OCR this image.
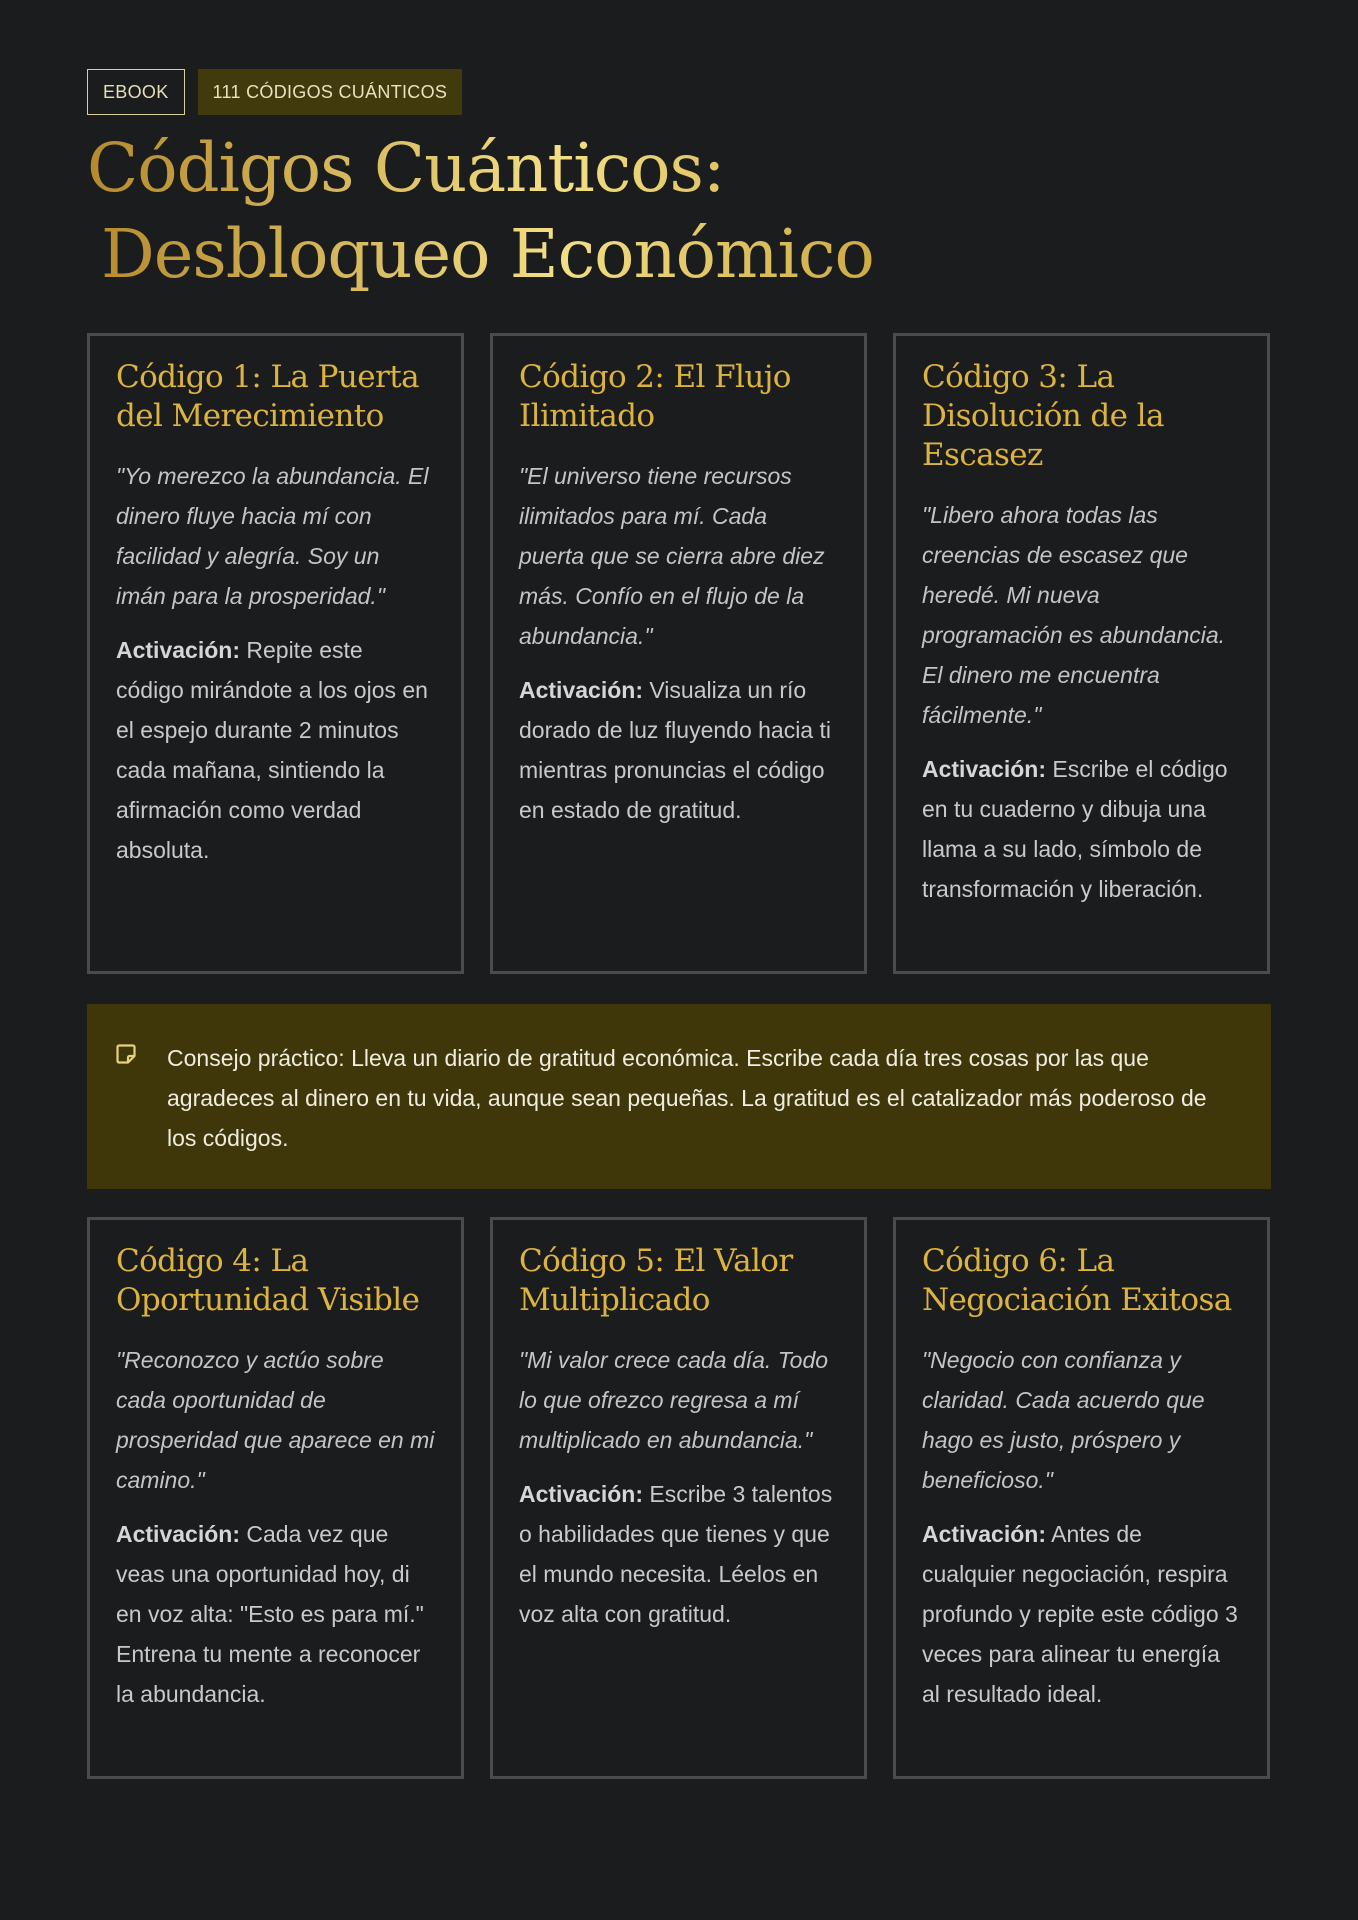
EBOOK	111 CÓDIGOS CUÁNTICOS
Códigos Cuánticos:
Desbloqueo Económico
Código 1: La Puerta del Merecimiento

"Yo merezco la abundancia. El dinero fluye hacia mí con facilidad y alegría. Soy un imán para la prosperidad."

Activación: Repite este código mirándote a los ojos en el espejo durante 2 minutos cada mañana, sintiendo la afirmación como verdad absoluta.

Código 2: El Flujo Ilimitado

"El universo tiene recursos ilimitados para mí. Cada puerta que se cierra abre diez más. Confío en el flujo de la abundancia."

Activación: Visualiza un río dorado de luz fluyendo hacia ti mientras pronuncias el código en estado de gratitud.

Código 3: La Disolución de la Escasez

"Libero ahora todas las creencias de escasez que heredé. Mi nueva programación es abundancia. El dinero me encuentra fácilmente."

Activación: Escribe el código en tu cuaderno y dibuja una llama a su lado, símbolo de transformación y liberación.

Consejo práctico: Lleva un diario de gratitud económica. Escribe cada día tres cosas por las que agradeces al dinero en tu vida, aunque sean pequeñas. La gratitud es el catalizador más poderoso de los códigos.
Código 4: La Oportunidad Visible

"Reconozco y actúo sobre cada oportunidad de prosperidad que aparece en mi camino."

Activación: Cada vez que veas una oportunidad hoy, di en voz alta: "Esto es para mí." Entrena tu mente a reconocer la abundancia.

Código 5: El Valor Multiplicado

"Mi valor crece cada día. Todo lo que ofrezco regresa a mí multiplicado en abundancia."

Activación: Escribe 3 talentos o habilidades que tienes y que el mundo necesita. Léelos en voz alta con gratitud.

Código 6: La Negociación Exitosa

"Negocio con confianza y claridad. Cada acuerdo que hago es justo, próspero y beneficioso."

Activación: Antes de cualquier negociación, respira profundo y repite este código 3 veces para alinear tu energía al resultado ideal.
